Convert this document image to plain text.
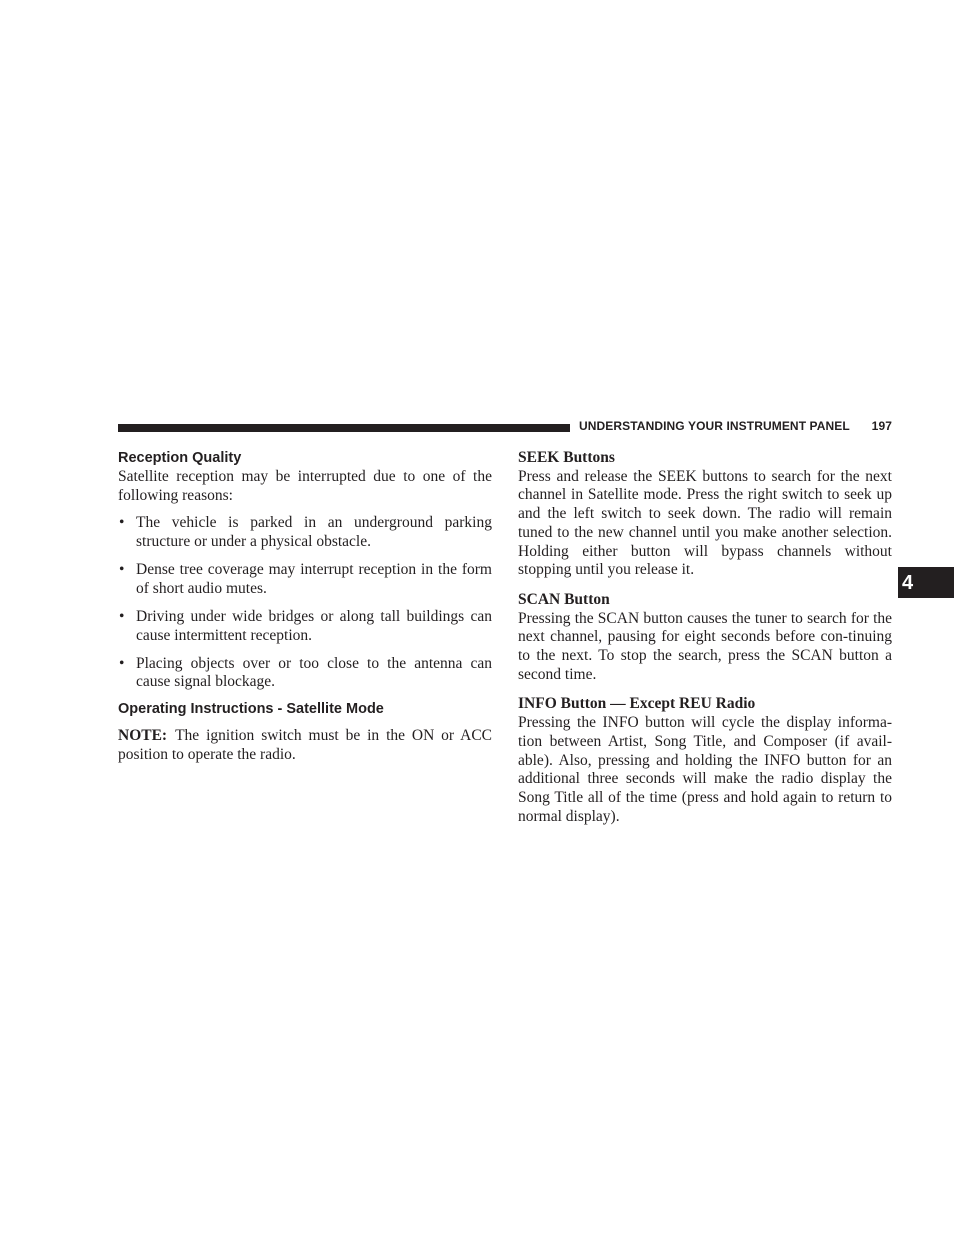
UNDERSTANDING YOUR INSTRUMENT PANEL 197
4
Reception Quality

Satellite reception may be interrupted due to one of the following reasons:

• The vehicle is parked in an underground parking structure or under a physical obstacle.
• Dense tree coverage may interrupt reception in the form of short audio mutes.
• Driving under wide bridges or along tall buildings can cause intermittent reception.
• Placing objects over or too close to the antenna can cause signal blockage.
Operating Instructions - Satellite Mode

NOTE: The ignition switch must be in the ON or ACC position to operate the radio.

SEEK Buttons

Press and release the SEEK buttons to search for the next channel in Satellite mode. Press the right switch to seek up and the left switch to seek down. The radio will remain tuned to the new channel until you make another selection. Holding either button will bypass channels without stopping until you release it.

SCAN Button

Pressing the SCAN button causes the tuner to search for the next channel, pausing for eight seconds before con-tinuing to the next. To stop the search, press the SCAN button a second time.

INFO Button — Except REU Radio

Pressing the INFO button will cycle the display informa-tion between Artist, Song Title, and Composer (if avail-able). Also, pressing and holding the INFO button for an additional three seconds will make the radio display the Song Title all of the time (press and hold again to return to normal display).
